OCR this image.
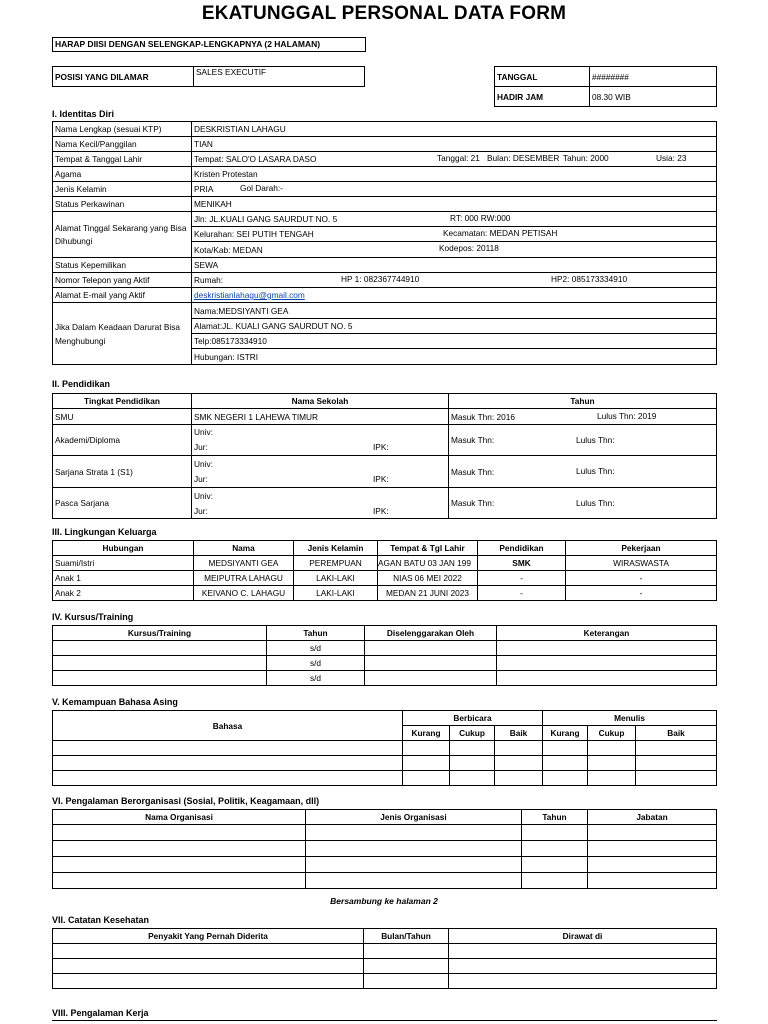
EKATUNGGAL PERSONAL DATA FORM
HARAP DIISI DENGAN SELENGKAP-LENGKAPNYA (2 HALAMAN)
POSISI YANG DILAMAR	SALES EXECUTIF	TANGGAL	########
HADIR JAM	08.30 WIB
I. Identitas Diri
Nama Lengkap (sesuai KTP)	DESKRISTIAN LAHAGU
Nama Kecil/Panggilan	TIAN
Tempat & Tanggal Lahir	Tempat: SALO'O LASARA DASO Tanggal: 21 Bulan: DESEMBER Tahun: 2000 Usia: 23

Agama	Kristen Protestan
Jenis Kelamin	PRIA Gol Darah:-

Status Perkawinan	MENIKAH
Alamat Tinggal Sekarang yang Bisa Dihubungi	Jln: JL.KUALI GANG SAURDUT NO. 5 RT: 000 RW:000

	Kelurahan: SEI PUTIH TENGAH Kecamatan: MEDAN PETISAH

	Kota/Kab: MEDAN Kodepos: 20118

Status Kepemilikan	SEWA
Nomor Telepon yang Aktif	Rumah: HP 1: 082367744910 HP2: 085173334910

Alamat E-mail yang Aktif	deskristianlahagu@gmail.com
Jika Dalam Keadaan Darurat Bisa Menghubungi	Nama:MEDSIYANTI GEA
	Alamat:JL. KUALI GANG SAURDUT NO. 5
	Telp:085173334910
	Hubungan: ISTRI
II. Pendidikan
Tingkat Pendidikan	Nama Sekolah	Tahun
SMU	SMK NEGERI 1 LAHEWA TIMUR	Masuk Thn: 2016 Lulus Thn: 2019

Akademi/Diploma	Univ:	Masuk Thn: Lulus Thn:

	Jur: IPK:	

Sarjana Strata 1 (S1)	Univ:	Masuk Thn: Lulus Thn:

	Jur: IPK:	

Pasca Sarjana	Univ:	Masuk Thn: Lulus Thn:

	Jur: IPK:	
III. Lingkungan Keluarga
Hubungan	Nama	Jenis Kelamin	Tempat & Tgl Lahir	Pendidikan	Pekerjaan
Suami/Istri	MEDSIYANTI GEA	PEREMPUAN	AGAN BATU 03 JAN 199	SMK	WIRASWASTA
Anak 1	MEIPUTRA LAHAGU	LAKI-LAKI	NIAS 06 MEI 2022	-	-
Anak 2	KEIVANO C. LAHAGU	LAKI-LAKI	MEDAN 21 JUNI 2023	-	-
IV. Kursus/Training
Kursus/Training	Tahun	Diselenggarakan Oleh	Keterangan
	s/d		
	s/d		
	s/d		
V. Kemampuan Bahasa Asing
Bahasa	Berbicara			Menulis		
	Kurang	Cukup	Baik	Kurang	Cukup	Baik

VI. Pengalaman Berorganisasi (Sosial, Politik, Keagamaan, dll)
Nama Organisasi	Jenis Organisasi	Tahun	Jabatan

Bersambung ke halaman 2
VII. Catatan Kesehatan
Penyakit Yang Pernah Diderita	Bulan/Tahun	Dirawat di

VIII. Pengalaman Kerja
